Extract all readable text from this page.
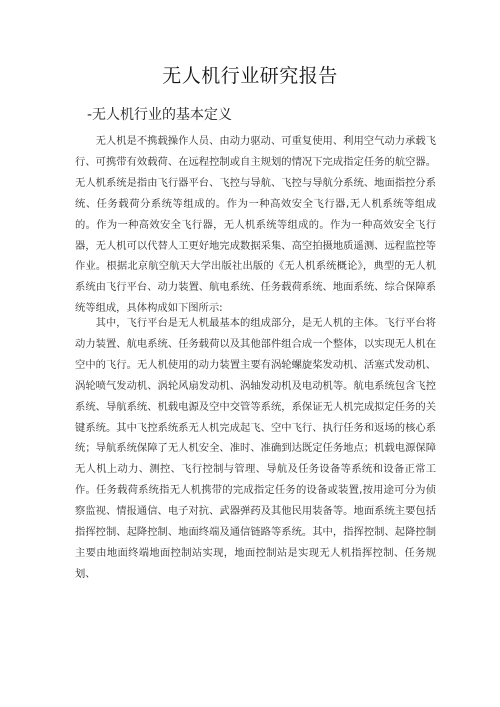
无人机行业研究报告
-无人机行业的基本定义

无人机是不携载操作人员、由动力驱动、可重复使用、利用空气动力承载飞行、可携带有效载荷、在远程控制或自主规划的情况下完成指定任务的航空器。无人机系统是指由飞行器平台、飞控与导航、飞控与导航分系统、地面指控分系统、任务载荷分系统等组成的。作为一种高效安全飞行器,无人机系统等组成的。作为一种高效安全飞行器，无人机系统等组成的。作为一种高效安全飞行器，无人机可以代替人工更好地完成数据采集、高空拍摄地质遥测、远程监控等作业。根据北京航空航天大学出版社出版的《无人机系统概论》，典型的无人机系统由飞行平台、动力装置、航电系统、任务载荷系统、地面系统、综合保障系统等组成，具体构成如下图所示:

其中，飞行平台是无人机最基本的组成部分，是无人机的主体。飞行平台将动力装置、航电系统、任务载荷以及其他部件组合成一个整体，以实现无人机在空中的飞行。无人机使用的动力装置主要有涡轮螺旋桨发动机、活塞式发动机、涡轮喷气发动机、涡轮风扇发动机、涡轴发动机及电动机等。航电系统包含飞控系统、导航系统、机载电源及空中交管等系统，系保证无人机完成拟定任务的关键系统。其中飞控系统系无人机完成起飞、空中飞行、执行任务和返场的核心系统；导航系统保障了无人机安全、准时、准确到达既定任务地点；机载电源保障无人机上动力、测控、飞行控制与管理、导航及任务设备等系统和设备正常工作。任务载荷系统指无人机携带的完成指定任务的设备或装置,按用途可分为侦察监视、情报通信、电子对抗、武器弹药及其他民用装备等。地面系统主要包括指挥控制、起降控制、地面终端及通信链路等系统。其中，指挥控制、起降控制主要由地面终端地面控制站实现，地面控制站是实现无人机指挥控制、任务规划、
